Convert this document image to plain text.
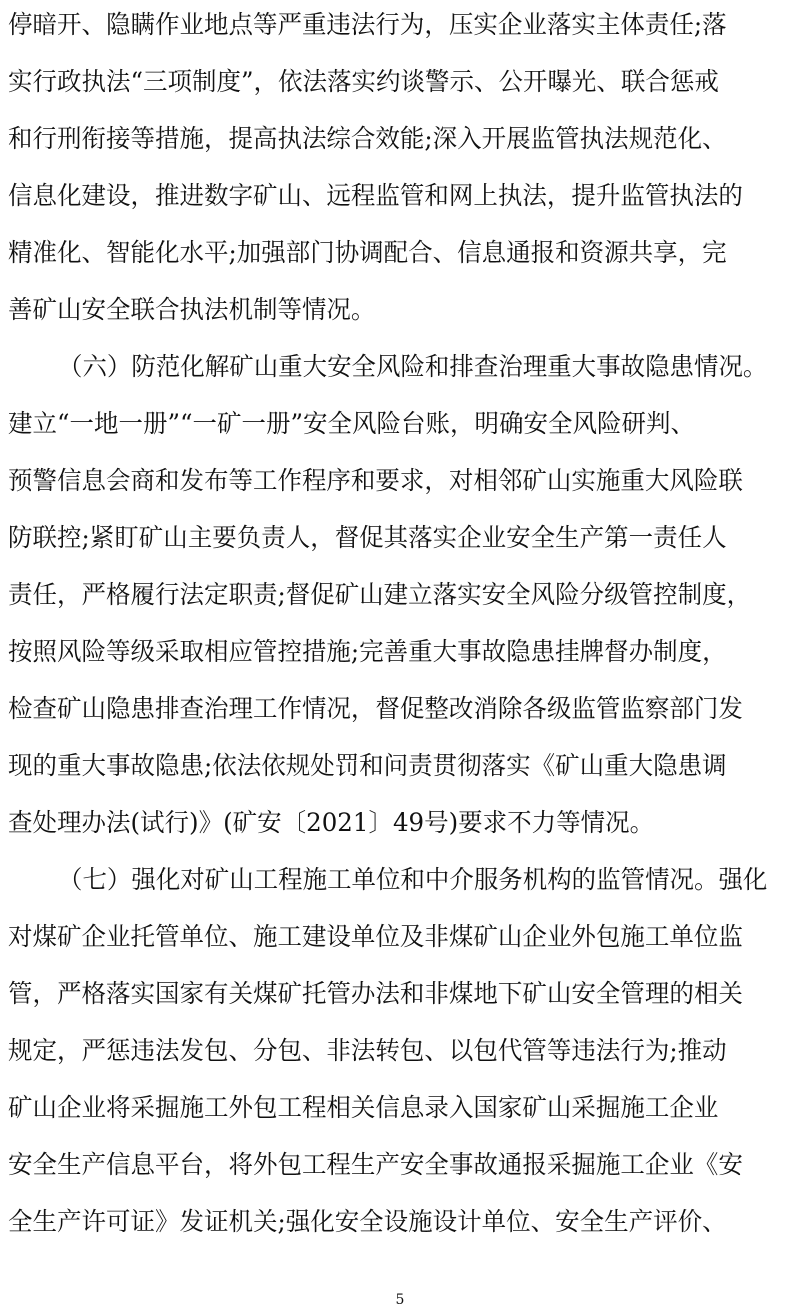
停暗开、隐瞒作业地点等严重违法行为，压实企业落实主体责任;落
实行政执法“三项制度”，依法落实约谈警示、公开曝光、联合惩戒
和行刑衔接等措施，提高执法综合效能;深入开展监管执法规范化、
信息化建设，推进数字矿山、远程监管和网上执法，提升监管执法的
精准化、智能化水平;加强部门协调配合、信息通报和资源共享，完
善矿山安全联合执法机制等情况。
（六）防范化解矿山重大安全风险和排查治理重大事故隐患情况。
建立“一地一册”“一矿一册”安全风险台账，明确安全风险研判、
预警信息会商和发布等工作程序和要求，对相邻矿山实施重大风险联
防联控;紧盯矿山主要负责人，督促其落实企业安全生产第一责任人
责任，严格履行法定职责;督促矿山建立落实安全风险分级管控制度，
按照风险等级采取相应管控措施;完善重大事故隐患挂牌督办制度，
检查矿山隐患排查治理工作情况，督促整改消除各级监管监察部门发
现的重大事故隐患;依法依规处罚和问责贯彻落实《矿山重大隐患调
查处理办法(试行)》(矿安〔2021〕49号)要求不力等情况。
（七）强化对矿山工程施工单位和中介服务机构的监管情况。强化
对煤矿企业托管单位、施工建设单位及非煤矿山企业外包施工单位监
管，严格落实国家有关煤矿托管办法和非煤地下矿山安全管理的相关
规定，严惩违法发包、分包、非法转包、以包代管等违法行为;推动
矿山企业将采掘施工外包工程相关信息录入国家矿山采掘施工企业
安全生产信息平台，将外包工程生产安全事故通报采掘施工企业《安
全生产许可证》发证机关;强化安全设施设计单位、安全生产评价、
5
